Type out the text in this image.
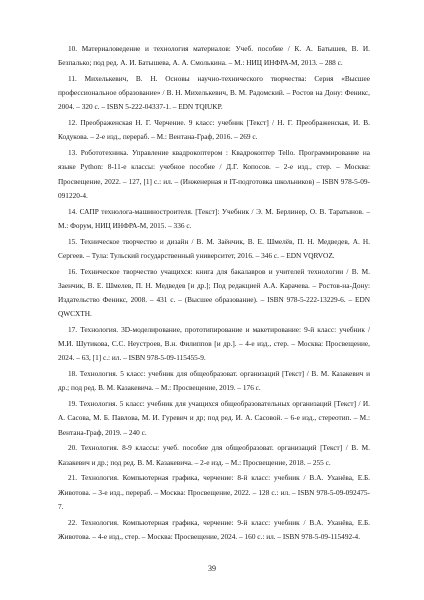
10. Материаловедение и технология материалов: Учеб. пособие / К. А. Батышев, В. И. Безпалько; под ред. А. И. Батышева, А. А. Смолькина. – М.: НИЦ ИНФРА-М, 2013. – 288 с.

11. Михелькевич, В. Н. Основы научно-технического творчества: Серия «Высшее профессиональное образование» / В. Н. Михелькевич, В. М. Радомский. – Ростов на Дону: Феникс, 2004. – 320 с. – ISBN 5-222-04337-1. – EDN TQIUKP.

12. Преображенская Н. Г. Черчение. 9 класс: учебник [Текст] / Н. Г. Преображенская, И. В. Кодукова. – 2-е изд., перераб. – М.: Вентана-Граф, 2016. – 269 с.

13. Робототехника. Управление квадрокоптером : Квадрокоптер Tello. Программирование на языке Python: 8-11-е классы: учебное пособие / Д.Г. Копосов. – 2-е изд., стер. – Москва: Просвещение, 2022. – 127, [1] с.: ил. – (Инженерная и IT-подготовка школьников) – ISBN 978-5-09-091220-4.

14. САПР технолога-машиностроителя. [Текст]: Учебник / Э. М. Берлинер, О. В. Таратынов. – М.: Форум, НИЦ ИНФРА-М, 2015. – 336 с.

15. Техническое творчество и дизайн / В. М. Заёнчик, В. Е. Шмелёв, П. Н. Медведев, А. Н. Сергеев. – Тула: Тульский государственный университет, 2016. – 346 с. – EDN VQRVOZ.

16. Техническое творчество учащихся: книга для бакалавров и учителей технологии / В. М. Заенчик, В. Е. Шмелев, П. Н. Медведев [и др.]; Под редакцией А.А. Карачева. – Ростов-на-Дону: Издательство Феникс, 2008. – 431 с. – (Высшее образование). – ISBN 978-5-222-13229-6. – EDN QWCXTH.

17. Технология. 3D-моделирование, прототипирование и макетирование: 9-й класс: учебник / М.И. Шутикова, С.С. Неустроев, В.н. Филиппов [и др.]. – 4-е изд., стер. – Москва: Просвещение, 2024. – 63, [1] с.: ил. – ISBN 978-5-09-115455-9.

18. Технология. 5 класс: учебник для общеобразоват. организаций [Текст] / В. М. Казакевич и др.; под ред. В. М. Казакевича. – М.: Просвещение, 2019. – 176 с.

19. Технология. 5 класс: учебник для учащихся общеобразовательных организаций [Текст] / И. А. Сасова, М. Б. Павлова, М. И. Гуревич и др; под ред. И. А. Сасовой. – 6-е изд., стереотип. – М.: Вентана-Граф, 2019. – 240 с.

20. Технология. 8-9 классы: учеб. пособие для общеобразоват. организаций [Текст] / В. М. Казакевич и др.; под ред. В. М. Казакевича. – 2-е изд. – М.: Просвещение, 2018. – 255 с.

21. Технология. Компьютерная графика, черчение: 8-й класс: учебник / В.А. Уханёва, Е.Б. Животова. – 3-е изд., перераб. – Москва: Просвещение, 2022. – 128 с.: ил. – ISBN 978-5-09-092475-7.

22. Технология. Компьютерная графика, черчение: 9-й класс: учебник / В.А. Уханёва, Е.Б. Животова. – 4-е изд., стер. – Москва: Просвещение, 2024. – 160 с.: ил. – ISBN 978-5-09-115492-4.

39
